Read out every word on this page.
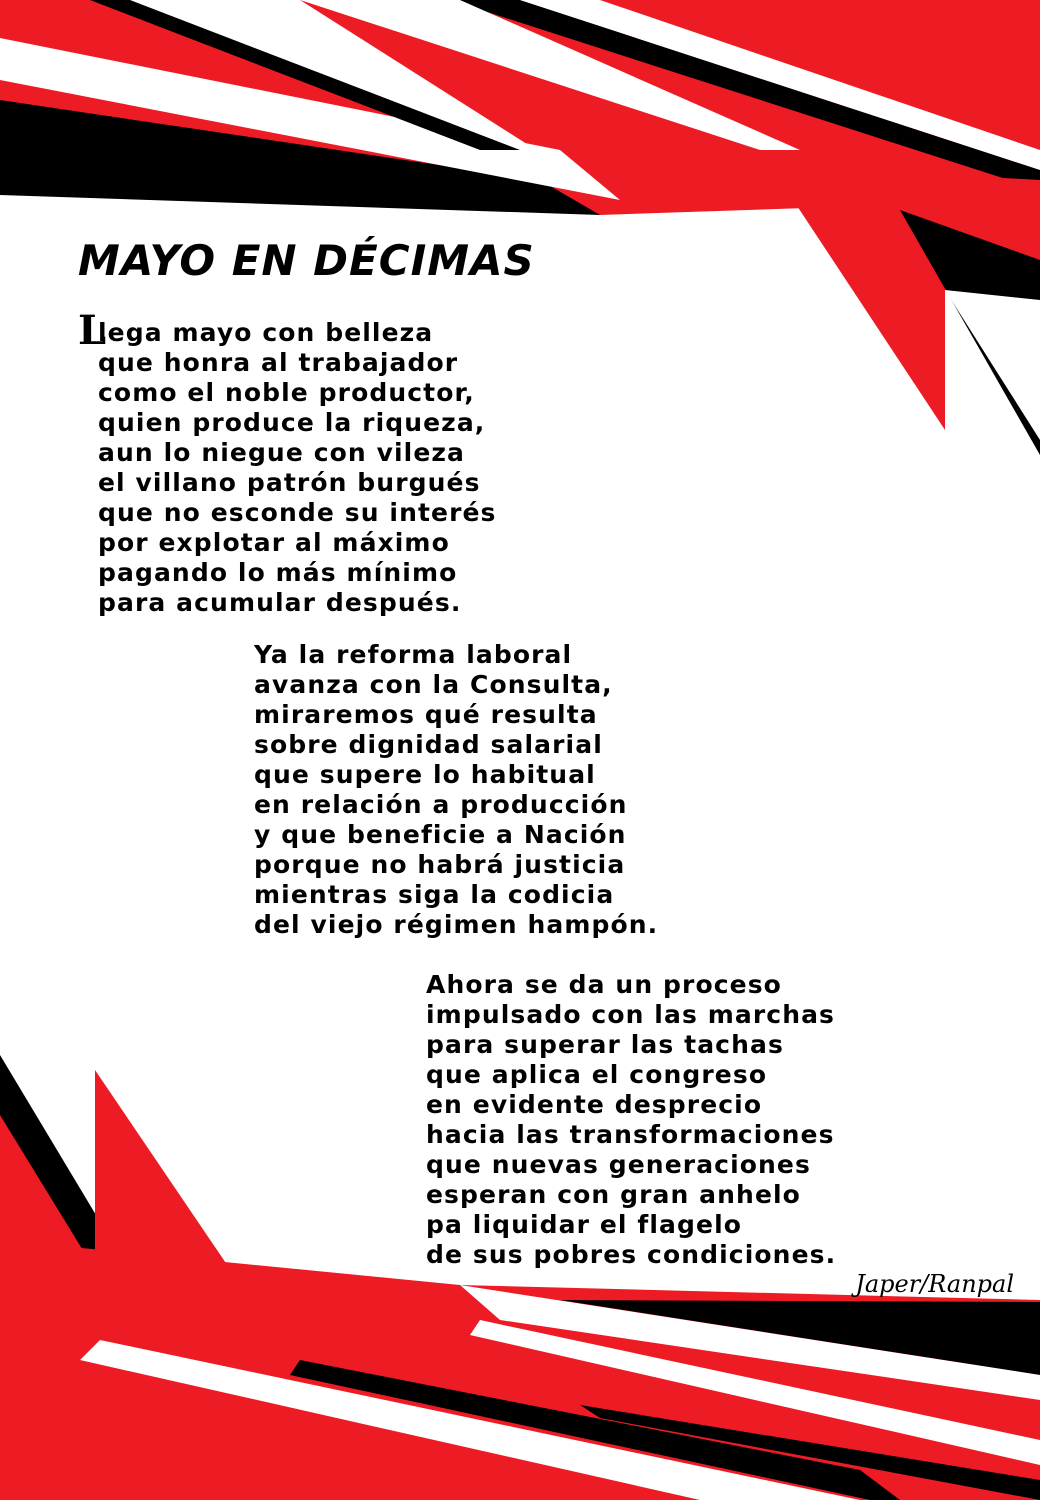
MAYO EN DÉCIMAS
L
lega mayo con belleza
que honra al trabajador
como el noble productor,
quien produce la riqueza,
aun lo niegue con vileza
el villano patrón burgués
que no esconde su interés
por explotar al máximo
pagando lo más mínimo
para acumular después.
Ya la reforma laboral
avanza con la Consulta,
miraremos qué resulta
sobre dignidad salarial
que supere lo habitual
en relación a producción
y que beneficie a Nación
porque no habrá justicia
mientras siga la codicia
del viejo régimen hampón.
Ahora se da un proceso
impulsado con las marchas
para superar las tachas
que aplica el congreso
en evidente desprecio
hacia las transformaciones
que nuevas generaciones
esperan con gran anhelo
pa liquidar el flagelo
de sus pobres condiciones.

Japer/Ranpal
